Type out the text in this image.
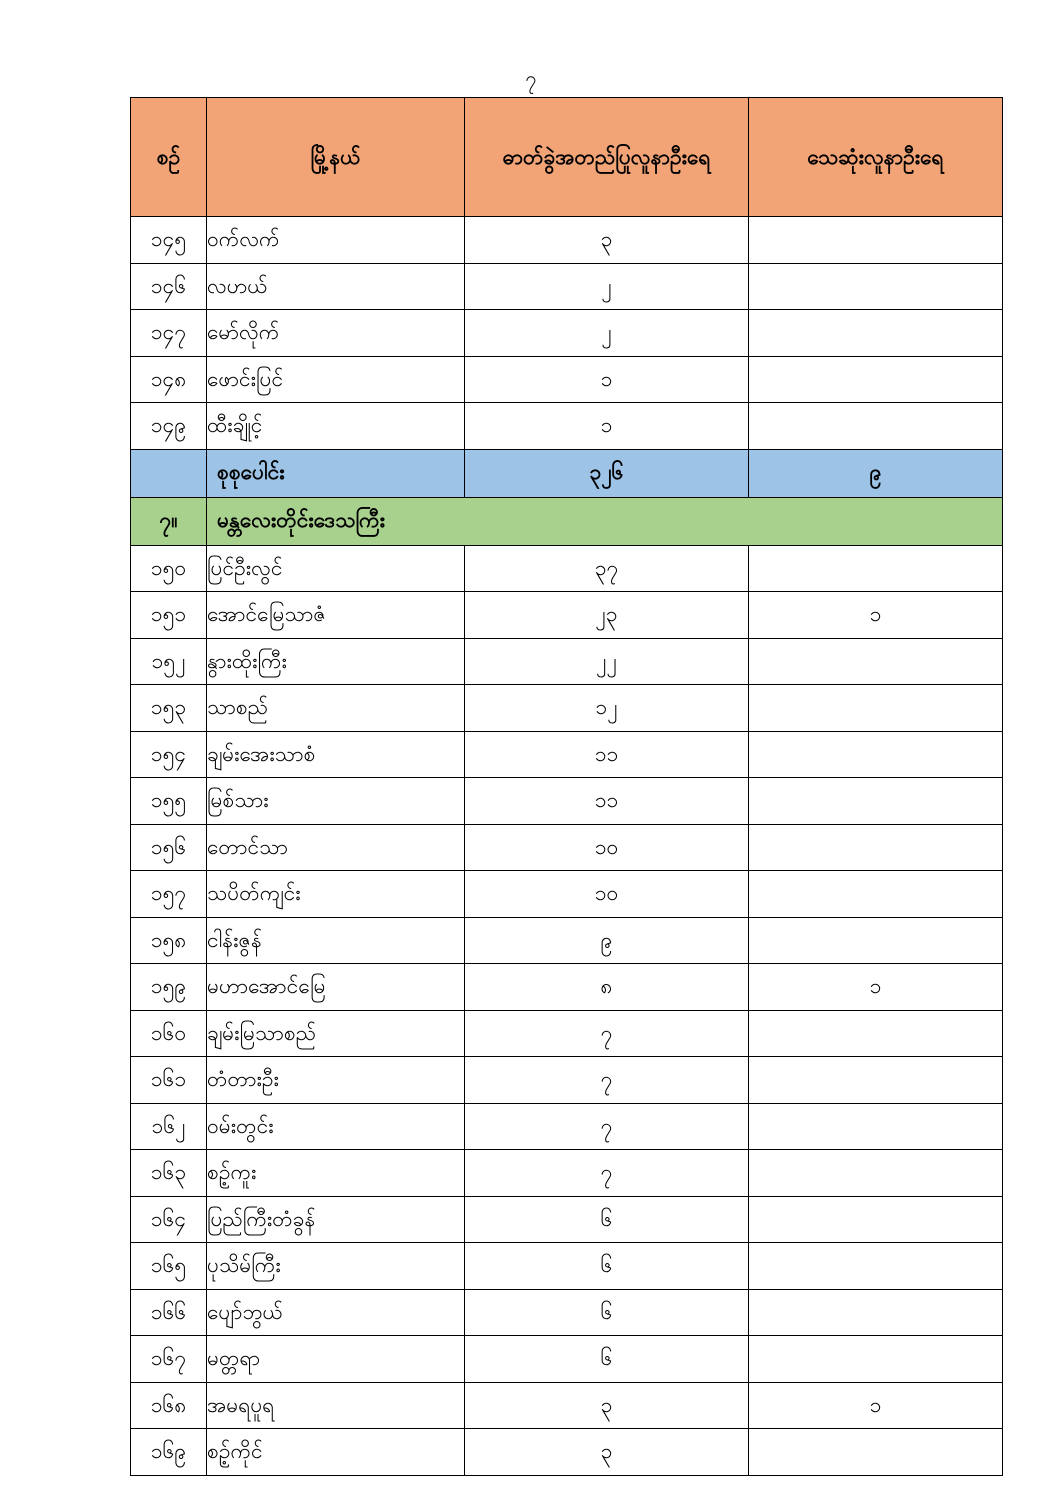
၇
စဉ်	မြို့နယ်	ဓာတ်ခွဲအတည်ပြုလူနာဦးရေ	သေဆုံးလူနာဦးရေ
၁၄၅	ဝက်လက်	၃	
၁၄၆	လဟယ်	၂	
၁၄၇	မော်လိုက်	၂	
၁၄၈	ဖောင်းပြင်	၁	
၁၄၉	ထီးချိုင့်	၁	
	စုစုပေါင်း	၃၂၆	၉
၇။	မန္တလေးတိုင်းဒေသကြီး		
၁၅၀	ပြင်ဦးလွင်	၃၇	
၁၅၁	အောင်မြေသာဇံ	၂၃	၁
၁၅၂	နွားထိုးကြီး	၂၂	
၁၅၃	သာစည်	၁၂	
၁၅၄	ချမ်းအေးသာစံ	၁၁	
၁၅၅	မြစ်သား	၁၁	
၁၅၆	တောင်သာ	၁၀	
၁၅၇	သပိတ်ကျင်း	၁၀	
၁၅၈	ငါန်းဇွန်	၉	
၁၅၉	မဟာအောင်မြေ	၈	၁
၁၆၀	ချမ်းမြသာစည်	၇	
၁၆၁	တံတားဦး	၇	
၁၆၂	ဝမ်းတွင်း	၇	
၁၆၃	စဉ့်ကူး	၇	
၁၆၄	ပြည်ကြီးတံခွန်	၆	
၁၆၅	ပုသိမ်ကြီး	၆	
၁၆၆	ပျော်ဘွယ်	၆	
၁၆၇	မတ္တရာ	၆	
၁၆၈	အမရပူရ	၃	၁
၁၆၉	စဉ့်ကိုင်	၃	
